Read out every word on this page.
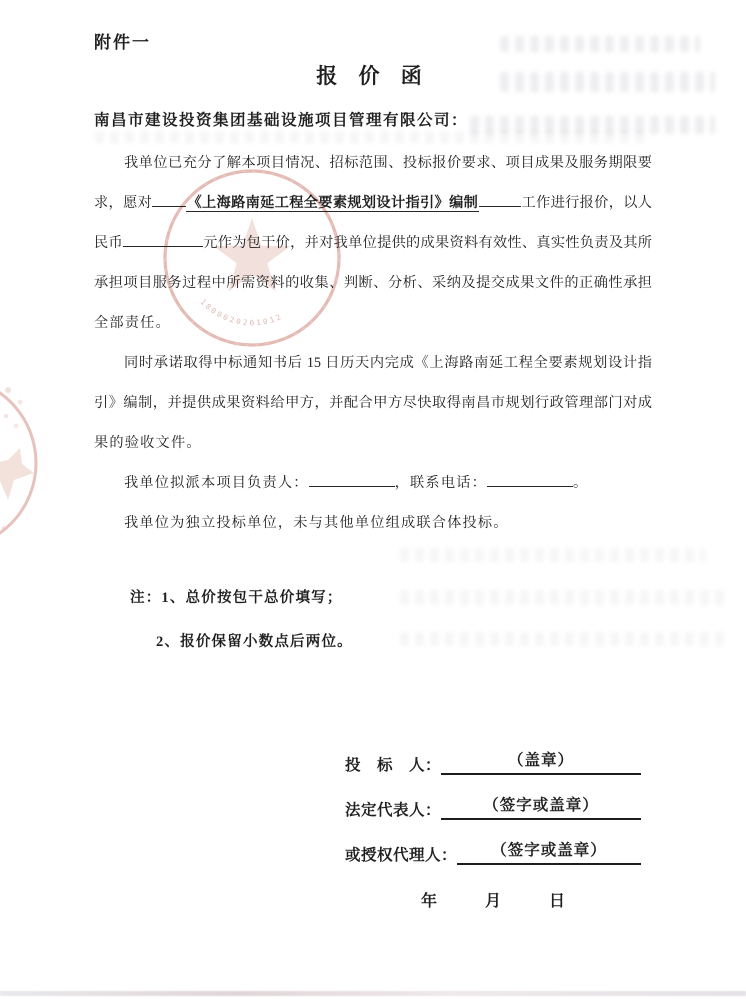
1800020201012
附件一
报 价 函
南昌市建设投资集团基础设施项目管理有限公司：
我单位已充分了解本项目情况、招标范围、投标报价要求、项目成果及服务期限要
求，愿对 《上海路南延工程全要素规划设计指引》编制	工作进行报价，以人
民币	元作为包干价，并对我单位提供的成果资料有效性、真实性负责及其所
承担项目服务过程中所需资料的收集、判断、分析、采纳及提交成果文件的正确性承担
全部责任。
同时承诺取得中标通知书后 15 日历天内完成《上海路南延工程全要素规划设计指
引》编制，并提供成果资料给甲方，并配合甲方尽快取得南昌市规划行政管理部门对成
果的验收文件。
我单位拟派本项目负责人：	，联系电话：	。
我单位为独立投标单位，未与其他单位组成联合体投标。
注：1、总价按包干总价填写；
2、报价保留小数点后两位。
投　标　人：	（盖章）
法定代表人：	（签字或盖章）
或授权代理人：	（签字或盖章）
年　　　月　　　日
